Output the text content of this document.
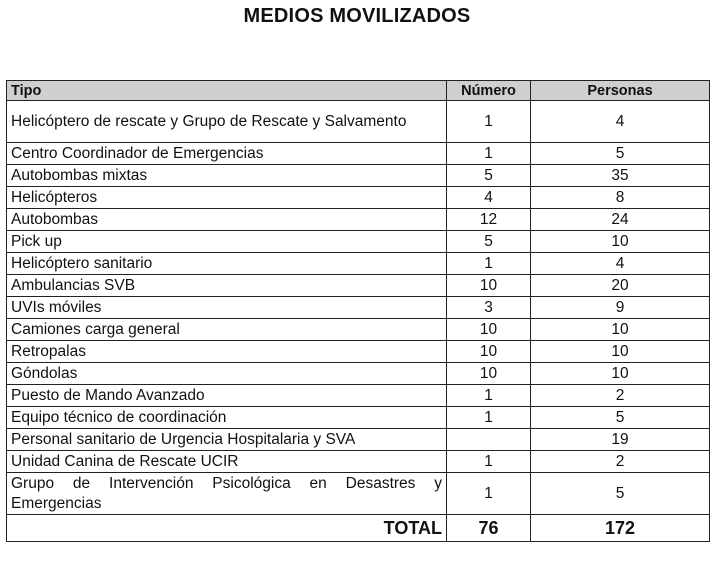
MEDIOS MOVILIZADOS
Tipo	Número	Personas
Helicóptero de rescate y Grupo de Rescate y Salvamento	1	4
Centro Coordinador de Emergencias	1	5
Autobombas mixtas	5	35
Helicópteros	4	8
Autobombas	12	24
Pick up	5	10
Helicóptero sanitario	1	4
Ambulancias SVB	10	20
UVIs móviles	3	9
Camiones carga general	10	10
Retropalas	10	10
Góndolas	10	10
Puesto de Mando Avanzado	1	2
Equipo técnico de coordinación	1	5
Personal sanitario de Urgencia Hospitalaria y SVA		19
Unidad Canina de Rescate UCIR	1	2
Grupo de Intervención Psicológica en Desastres y Emergencias	1	5
TOTAL	76	172
